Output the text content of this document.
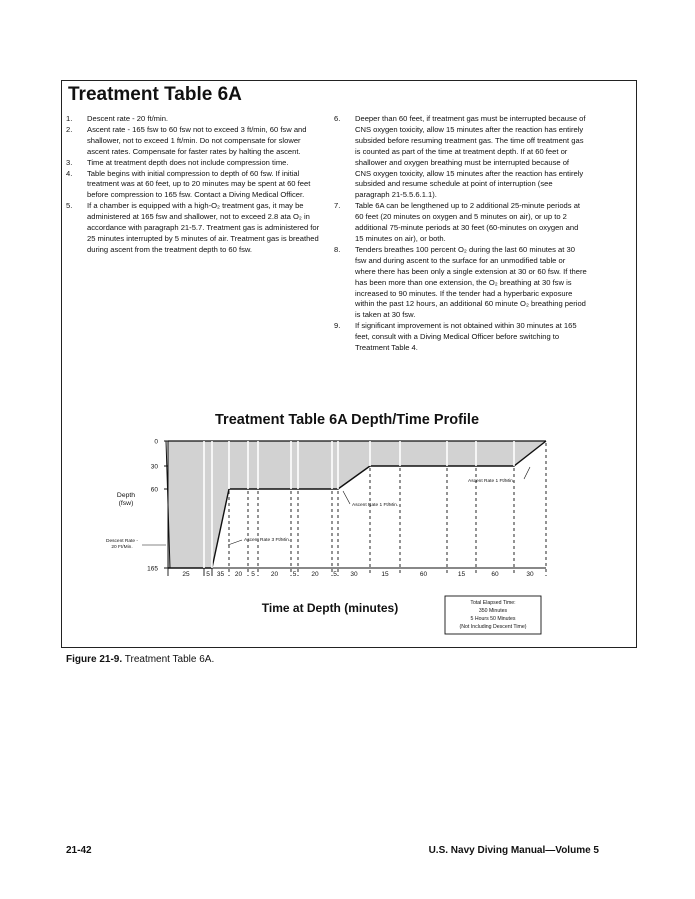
Treatment Table 6A
1.	Descent rate - 20 ft/min.
2.	Ascent rate - 165 fsw to 60 fsw not to exceed 3 ft/min, 60 fsw and shallower, not to exceed 1 ft/min. Do not compensate for slower ascent rates. Compensate for faster rates by halting the ascent.
3.	Time at treatment depth does not include compression time.
4.	Table begins with initial compression to depth of 60 fsw. If initial treatment was at 60 feet, up to 20 minutes may be spent at 60 feet before compression to 165 fsw. Contact a Diving Medical Officer.
5.	If a chamber is equipped with a high-O₂ treatment gas, it may be administered at 165 fsw and shallower, not to exceed 2.8 ata O₂ in accordance with paragraph 21-5.7. Treatment gas is administered for 25 minutes interrupted by 5 minutes of air. Treatment gas is breathed during ascent from the treatment depth to 60 fsw.
6.	Deeper than 60 feet, if treatment gas must be interrupted because of CNS oxygen toxicity, allow 15 minutes after the reaction has entirely subsided before resuming treatment gas. The time off treatment gas is counted as part of the time at treatment depth. If at 60 feet or shallower and oxygen breathing must be interrupted because of CNS oxygen toxicity, allow 15 minutes after the reaction has entirely subsided and resume schedule at point of interruption (see paragraph 21-5.5.6.1.1).
7.	Table 6A can be lengthened up to 2 additional 25-minute periods at 60 feet (20 minutes on oxygen and 5 minutes on air), or up to 2 additional 75-minute periods at 30 feet (60-minutes on oxygen and 15 minutes on air), or both.
8.	Tenders breathes 100 percent O₂ during the last 60 minutes at 30 fsw and during ascent to the surface for an unmodified table or where there has been only a single extension at 30 or 60 fsw. If there has been more than one extension, the O₂ breathing at 30 fsw is increased to 90 minutes. If the tender had a hyperbaric exposure within the past 12 hours, an additional 60 minute O₂ breathing period is taken at 30 fsw.
9.	If significant improvement is not obtained within 30 minutes at 165 feet, consult with a Diving Medical Officer before switching to Treatment Table 4.
Treatment Table 6A Depth/Time Profile
0
30
60
165
25	5 35 20 5 20 5 20 5 30	15	60	15	60	30
Depth
(fsw)
Descent Rate -
20 Ft/Min.
Ascent Rate 3 Ft/Min.
Ascent Rate 1 Ft/Min.
Ascent Rate 1 Ft/Min.
Time at Depth (minutes)	Total Elapsed Time:
350 Minutes
5 Hours 50 Minutes
(Not Including Descent Time)
Figure 21-9. Treatment Table 6A.
21-42	U.S. Navy Diving Manual—Volume 5
